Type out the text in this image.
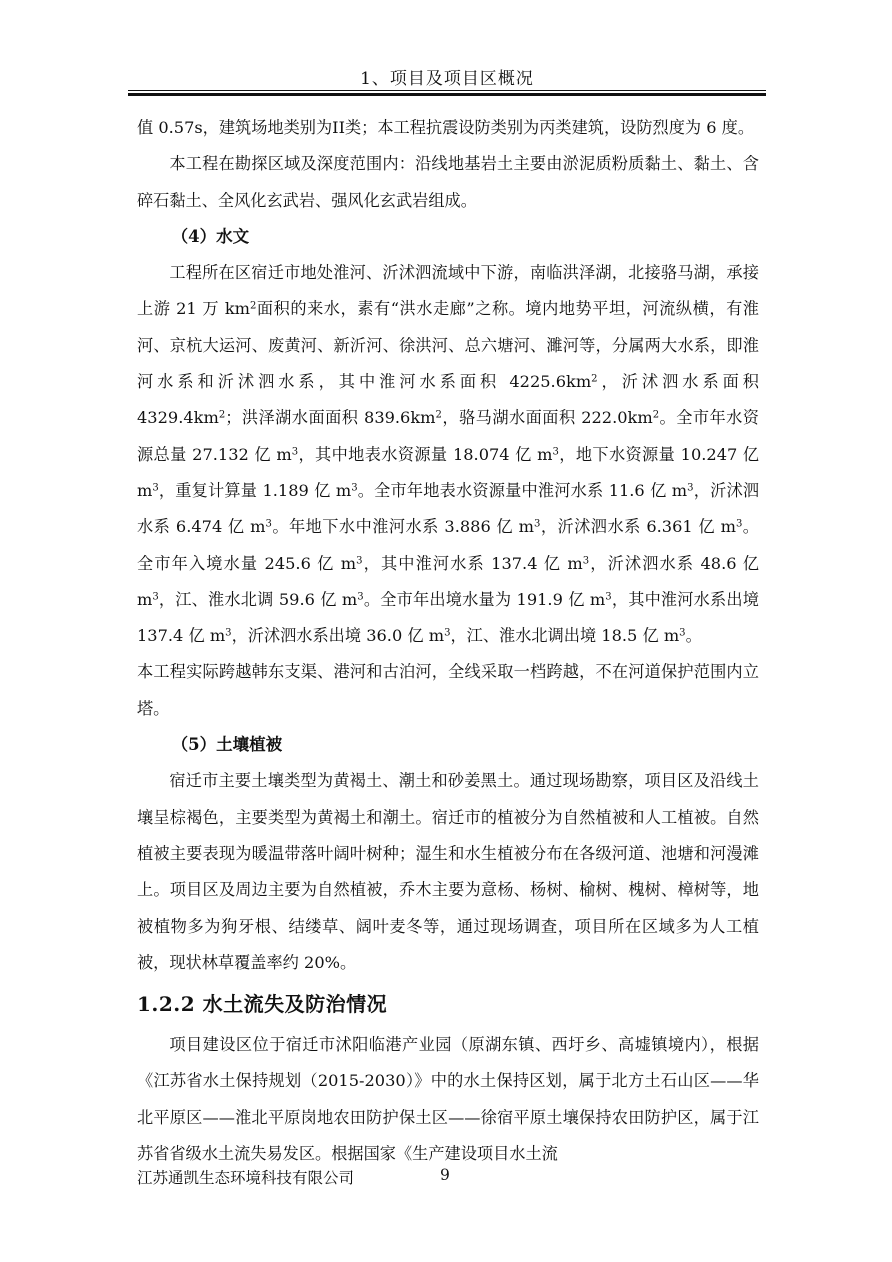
1、项目及项目区概况

值 0.57s，建筑场地类别为II类；本工程抗震设防类别为丙类建筑，设防烈度为 6 度。

本工程在勘探区域及深度范围内：沿线地基岩土主要由淤泥质粉质黏土、黏土、含碎石黏土、全风化玄武岩、强风化玄武岩组成。

（4）水文

工程所在区宿迁市地处淮河、沂沭泗流域中下游，南临洪泽湖，北接骆马湖，承接上游 21 万 $km^2$面积的来水，素有“洪水走廊”之称。境内地势平坦，河流纵横，有淮河、京杭大运河、废黄河、新沂河、徐洪河、总六塘河、濉河等，分属两大水系，即淮河水系和沂沭泗水系，其中淮河水系面积 $4225.6km^2$，沂沭泗水系面积 $4329.4km^2$；洪泽湖水面面积 $839.6km^2$，骆马湖水面面积 $222.0km^2$。全市年水资源总量 27.132 亿 $m^3$，其中地表水资源量 18.074 亿 $m^3$，地下水资源量 10.247 亿 $m^3$，重复计算量 1.189 亿 $m^3$。全市年地表水资源量中淮河水系 11.6 亿 $m^3$，沂沭泗水系 6.474 亿 $m^3$。年地下水中淮河水系 3.886 亿 $m^3$，沂沭泗水系 6.361 亿 $m^3$。全市年入境水量 245.6 亿 $m^3$，其中淮河水系 137.4 亿 $m^3$，沂沭泗水系 48.6 亿 $m^3$，江、淮水北调 59.6 亿 $m^3$。全市年出境水量为 191.9 亿 $m^3$，其中淮河水系出境 137.4 亿 $m^3$，沂沭泗水系出境 36.0 亿 $m^3$，江、淮水北调出境 18.5 亿 $m^3$。

本工程实际跨越韩东支渠、港河和古泊河，全线采取一档跨越，不在河道保护范围内立塔。

（5）土壤植被

宿迁市主要土壤类型为黄褐土、潮土和砂姜黑土。通过现场勘察，项目区及沿线土壤呈棕褐色，主要类型为黄褐土和潮土。宿迁市的植被分为自然植被和人工植被。自然植被主要表现为暖温带落叶阔叶树种；湿生和水生植被分布在各级河道、池塘和河漫滩上。项目区及周边主要为自然植被，乔木主要为意杨、杨树、榆树、槐树、樟树等，地被植物多为狗牙根、结缕草、阔叶麦冬等，通过现场调查，项目所在区域多为人工植被，现状林草覆盖率约 20%。

1.2.2 水土流失及防治情况

项目建设区位于宿迁市沭阳临港产业园（原湖东镇、西圩乡、高墟镇境内），根据《江苏省水土保持规划（2015-2030）》中的水土保持区划，属于北方土石山区——华北平原区——淮北平原岗地农田防护保土区——徐宿平原土壤保持农田防护区，属于江苏省省级水土流失易发区。根据国家《生产建设项目水土流

江苏通凯生态环境科技有限公司	9
